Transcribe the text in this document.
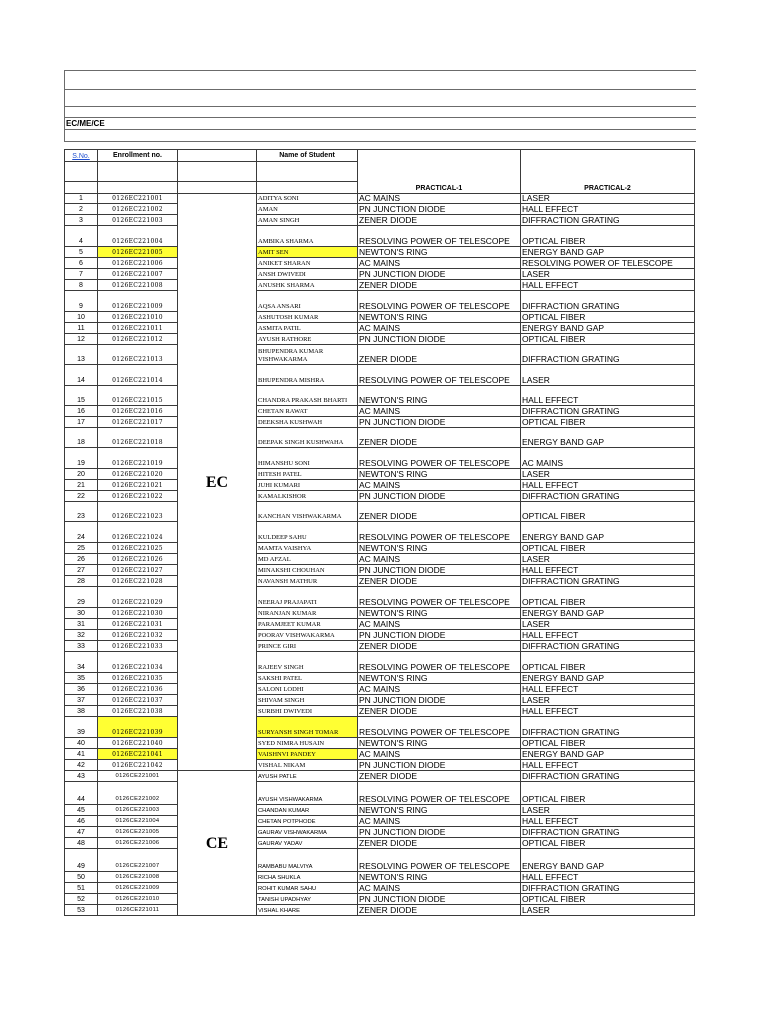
EC/ME/CE
S.No.	Enrollment no.		Name of Student	PRACTICAL-1	PRACTICAL-2

1	0126EC221001	EC	ADITYA SONI	AC MAINS	LASER
2	0126EC221002		AMAN	PN JUNCTION DIODE	HALL EFFECT
3	0126EC221003		AMAN SINGH	ZENER DIODE	DIFFRACTION GRATING
4	0126EC221004		AMBIKA SHARMA	RESOLVING POWER OF TELESCOPE	OPTICAL FIBER
5	0126EC221005		AMIT SEN	NEWTON'S RING	ENERGY BAND GAP
6	0126EC221006		ANIKET SHARAN	AC MAINS	RESOLVING POWER OF TELESCOPE
7	0126EC221007		ANSH DWIVEDI	PN JUNCTION DIODE	LASER
8	0126EC221008		ANUSHK SHARMA	ZENER DIODE	HALL EFFECT
9	0126EC221009		AQSA ANSARI	RESOLVING POWER OF TELESCOPE	DIFFRACTION GRATING
10	0126EC221010		ASHUTOSH KUMAR	NEWTON'S RING	OPTICAL FIBER
11	0126EC221011		ASMITA PATIL	AC MAINS	ENERGY BAND GAP
12	0126EC221012		AYUSH RATHORE	PN JUNCTION DIODE	OPTICAL FIBER
13	0126EC221013		BHUPENDRA KUMAR VISHWAKARMA	ZENER DIODE	DIFFRACTION GRATING
14	0126EC221014		BHUPENDRA MISHRA	RESOLVING POWER OF TELESCOPE	LASER
15	0126EC221015		CHANDRA PRAKASH BHARTI	NEWTON'S RING	HALL EFFECT
16	0126EC221016		CHETAN RAWAT	AC MAINS	DIFFRACTION GRATING
17	0126EC221017		DEEKSHA KUSHWAH	PN JUNCTION DIODE	OPTICAL FIBER
18	0126EC221018		DEEPAK SINGH KUSHWAHA	ZENER DIODE	ENERGY BAND GAP
19	0126EC221019		HIMANSHU SONI	RESOLVING POWER OF TELESCOPE	AC MAINS
20	0126EC221020		HITESH PATEL	NEWTON'S RING	LASER
21	0126EC221021		JUHI KUMARI	AC MAINS	HALL EFFECT
22	0126EC221022		KAMALKISHOR	PN JUNCTION DIODE	DIFFRACTION GRATING
23	0126EC221023		KANCHAN VISHWAKARMA	ZENER DIODE	OPTICAL FIBER
24	0126EC221024		KULDEEP SAHU	RESOLVING POWER OF TELESCOPE	ENERGY BAND GAP
25	0126EC221025		MAMTA VAISHYA	NEWTON'S RING	OPTICAL FIBER
26	0126EC221026		MD AFZAL	AC MAINS	LASER
27	0126EC221027		MINAKSHI CHOUHAN	PN JUNCTION DIODE	HALL EFFECT
28	0126EC221028		NAVANSH MATHUR	ZENER DIODE	DIFFRACTION GRATING
29	0126EC221029		NEERAJ PRAJAPATI	RESOLVING POWER OF TELESCOPE	OPTICAL FIBER
30	0126EC221030		NIRANJAN KUMAR	NEWTON'S RING	ENERGY BAND GAP
31	0126EC221031		PARAMJEET KUMAR	AC MAINS	LASER
32	0126EC221032		POORAV VISHWAKARMA	PN JUNCTION DIODE	HALL EFFECT
33	0126EC221033		PRINCE GIRI	ZENER DIODE	DIFFRACTION GRATING
34	0126EC221034		RAJEEV SINGH	RESOLVING POWER OF TELESCOPE	OPTICAL FIBER
35	0126EC221035		SAKSHI PATEL	NEWTON'S RING	ENERGY BAND GAP
36	0126EC221036		SALONI LODHI	AC MAINS	HALL EFFECT
37	0126EC221037		SHIVAM SINGH	PN JUNCTION DIODE	LASER
38	0126EC221038		SURBHI DWIVEDI	ZENER DIODE	HALL EFFECT
39	0126EC221039		SURYANSH SINGH TOMAR	RESOLVING POWER OF TELESCOPE	DIFFRACTION GRATING
40	0126EC221040		SYED NIMRA HUSAIN	NEWTON'S RING	OPTICAL FIBER
41	0126EC221041		VAISHNVI PANDEY	AC MAINS	ENERGY BAND GAP
42	0126EC221042		VISHAL NIKAM	PN JUNCTION DIODE	HALL EFFECT
43	0126CE221001	CE	AYUSH PATLE	ZENER DIODE	DIFFRACTION GRATING
44	0126CE221002		AYUSH VISHWAKARMA	RESOLVING POWER OF TELESCOPE	OPTICAL FIBER
45	0126CE221003		CHANDAN KUMAR	NEWTON'S RING	LASER
46	0126CE221004		CHETAN POTPHODE	AC MAINS	HALL EFFECT
47	0126CE221005		GAURAV VISHWAKARMA	PN JUNCTION DIODE	DIFFRACTION GRATING
48	0126CE221006		GAURAV YADAV	ZENER DIODE	OPTICAL FIBER
49	0126CE221007		RAMBABU MALVIYA	RESOLVING POWER OF TELESCOPE	ENERGY BAND GAP
50	0126CE221008		RICHA SHUKLA	NEWTON'S RING	HALL EFFECT
51	0126CE221009		ROHIT KUMAR SAHU	AC MAINS	DIFFRACTION GRATING
52	0126CE221010		TANISH UPADHYAY	PN JUNCTION DIODE	OPTICAL FIBER
53	0126CE221011		VISHAL KHARE	ZENER DIODE	LASER
